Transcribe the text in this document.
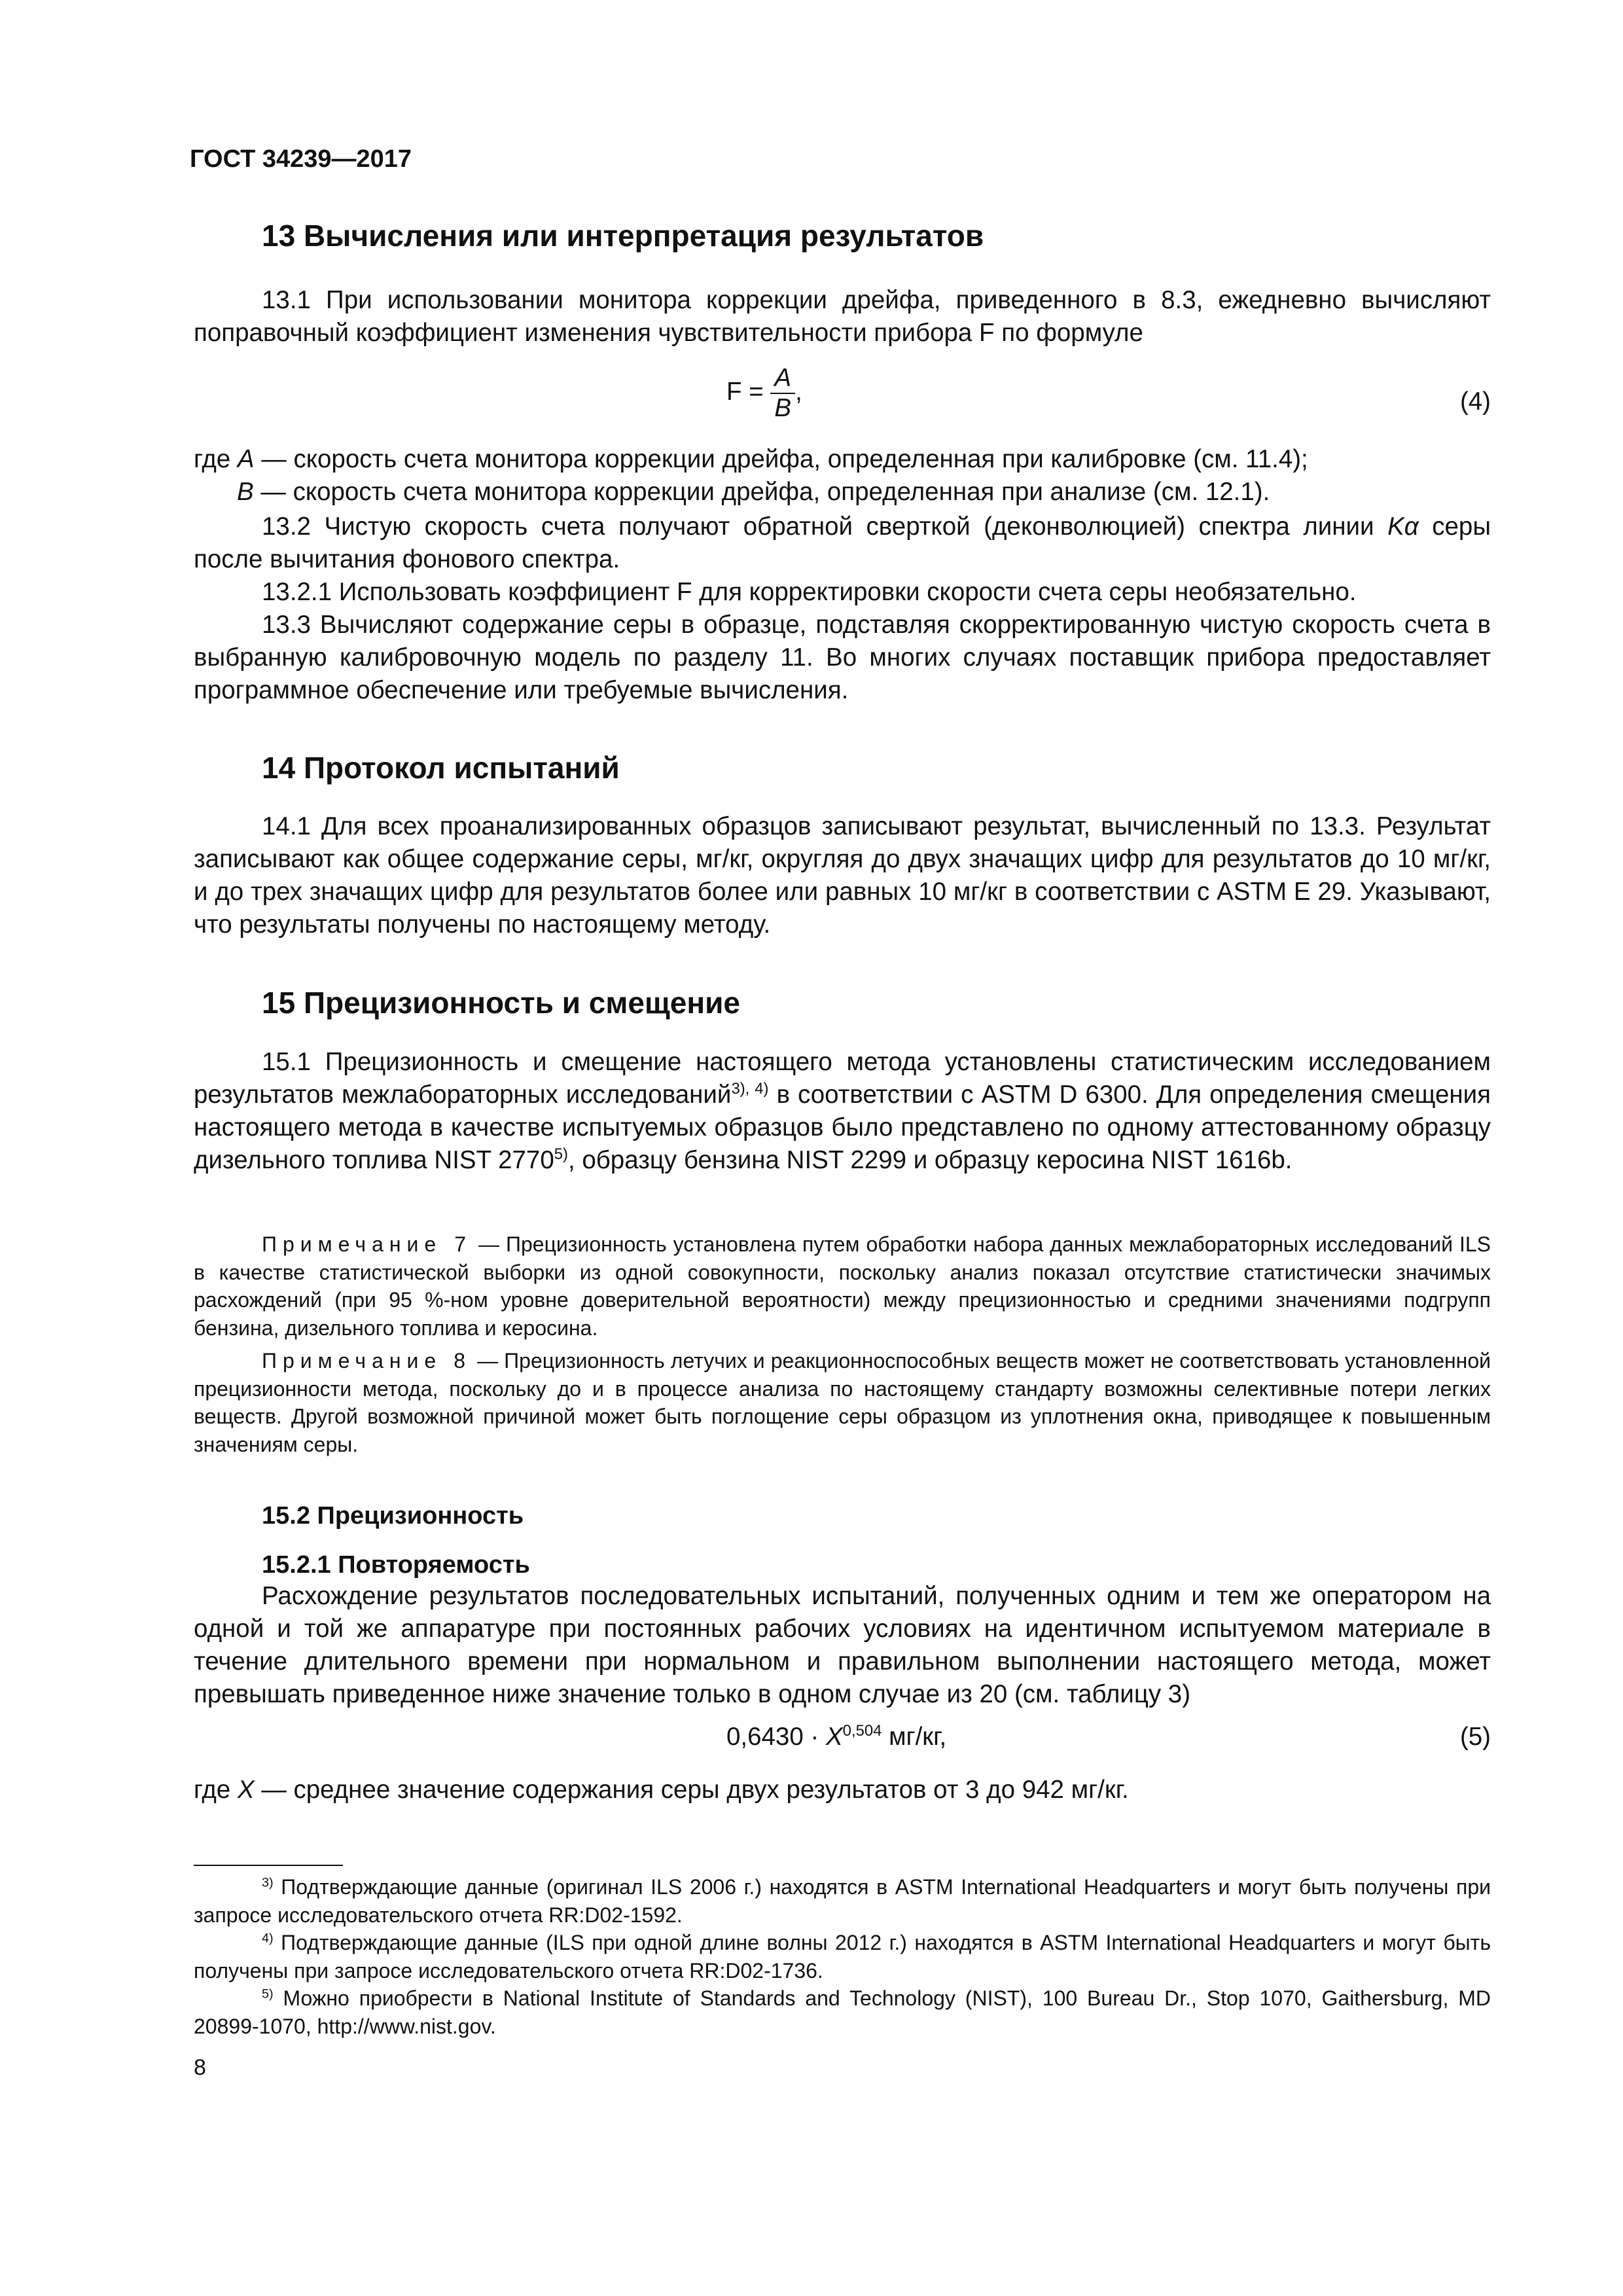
ГОСТ 34239—2017
13 Вычисления или интерпретация результатов
13.1 При использовании монитора коррекции дрейфа, приведенного в 8.3, ежедневно вычисляют поправочный коэффициент изменения чувствительности прибора F по формуле
$F = \frac{A}{B}$ ,	(4)
где A — скорость счета монитора коррекции дрейфа, определенная при калибровке (см. 11.4);
B — скорость счета монитора коррекции дрейфа, определенная при анализе (см. 12.1).
13.2 Чистую скорость счета получают обратной сверткой (деконволюцией) спектра линии Kα серы после вычитания фонового спектра.
13.2.1 Использовать коэффициент F для корректировки скорости счета серы необязательно.
13.3 Вычисляют содержание серы в образце, подставляя скорректированную чистую скорость счета в выбранную калибровочную модель по разделу 11. Во многих случаях поставщик прибора предоставляет программное обеспечение или требуемые вычисления.
14 Протокол испытаний
14.1 Для всех проанализированных образцов записывают результат, вычисленный по 13.3. Результат записывают как общее содержание серы, мг/кг, округляя до двух значащих цифр для результатов до 10 мг/кг, и до трех значащих цифр для результатов более или равных 10 мг/кг в соответствии с ASTM E 29. Указывают, что результаты получены по настоящему методу.
15 Прецизионность и смещение
15.1 Прецизионность и смещение настоящего метода установлены статистическим исследованием результатов межлабораторных исследований$^{3), 4)}$ в соответствии с ASTM D 6300. Для определения смещения настоящего метода в качестве испытуемых образцов было представлено по одному аттестованному образцу дизельного топлива NIST 2770$^{5)}$, образцу бензина NIST 2299 и образцу керосина NIST 1616b.
Примечание 7 — Прецизионность установлена путем обработки набора данных межлабораторных исследований ILS в качестве статистической выборки из одной совокупности, поскольку анализ показал отсутствие статистически значимых расхождений (при 95 %-ном уровне доверительной вероятности) между прецизионностью и средними значениями подгрупп бензина, дизельного топлива и керосина.
Примечание 8 — Прецизионность летучих и реакционноспособных веществ может не соответствовать установленной прецизионности метода, поскольку до и в процессе анализа по настоящему стандарту возможны селективные потери легких веществ. Другой возможной причиной может быть поглощение серы образцом из уплотнения окна, приводящее к повышенным значениям серы.
15.2 Прецизионность
15.2.1 Повторяемость
Расхождение результатов последовательных испытаний, полученных одним и тем же оператором на одной и той же аппаратуре при постоянных рабочих условиях на идентичном испытуемом материале в течение длительного времени при нормальном и правильном выполнении настоящего метода, может превышать приведенное ниже значение только в одном случае из 20 (см. таблицу 3)
0,6430 · X$^{0,504}$ мг/кг,	(5)
где X — среднее значение содержания серы двух результатов от 3 до 942 мг/кг.
$^{3)}$ Подтверждающие данные (оригинал ILS 2006 г.) находятся в ASTM International Headquarters и могут быть получены при запросе исследовательского отчета RR:D02-1592.
$^{4)}$ Подтверждающие данные (ILS при одной длине волны 2012 г.) находятся в ASTM International Headquarters и могут быть получены при запросе исследовательского отчета RR:D02-1736.
$^{5)}$ Можно приобрести в National Institute of Standards and Technology (NIST), 100 Bureau Dr., Stop 1070, Gaithersburg, MD 20899-1070, http://www.nist.gov.
8
